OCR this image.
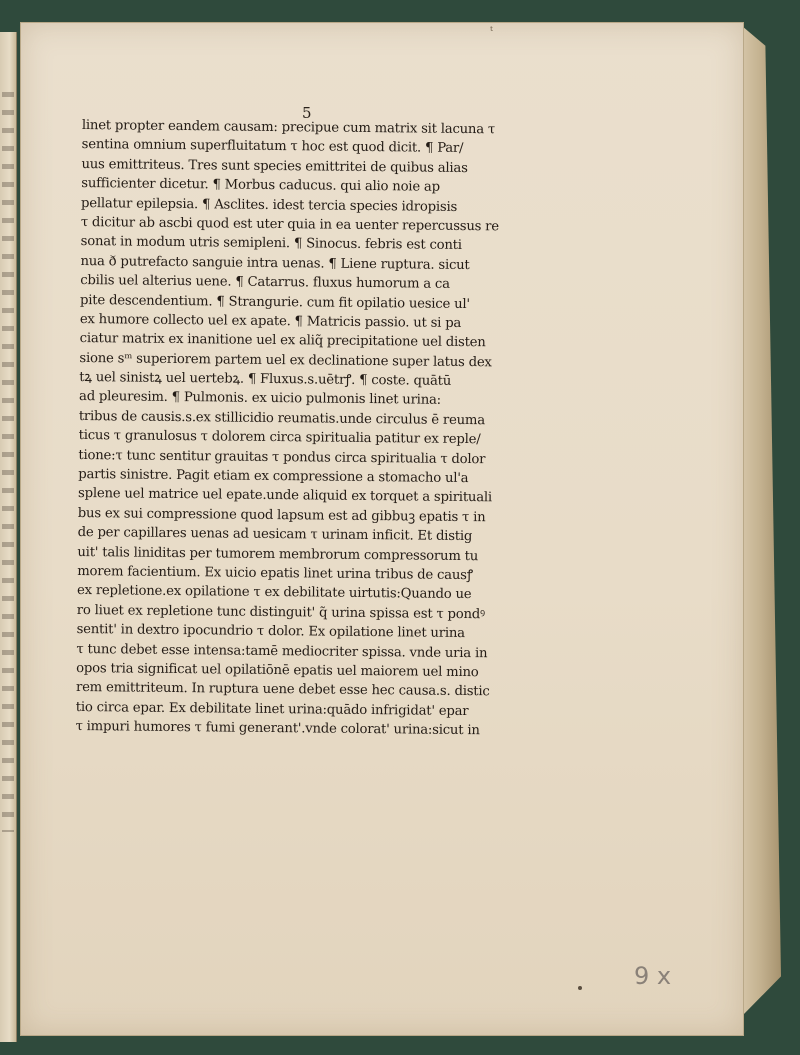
ᵗ
5
linet propter eandem causam: precipue cum matrix sit lacuna τ
sentina omnium superfluitatum τ hoc est quod dicit. ¶ Par/
uus emittriteus. Tres sunt species emittritei de quibus alias
sufficienter dicetur. ¶ Morbus caducus. qui alio noie ap
pellatur epilepsia. ¶ Asclites. idest tercia species idropisis
τ dicitur ab ascbi quod est uter quia in ea uenter repercussus re
sonat in modum utris semipleni. ¶ Sinocus. febris est conti
nua ð putrefacto sanguie intra uenas. ¶ Liene ruptura. sicut
cbilis uel alterius uene. ¶ Catarrus. fluxus humorum a ca
pite descendentium. ¶ Strangurie. cum fit opilatio uesice ul'
ex humore collecto uel ex apate. ¶ Matricis passio. ut si pa
ciatur matrix ex inanitione uel ex aliq̃ precipitatione uel disten
sione sᵐ superiorem partem uel ex declinatione super latus dex
tꝝ uel sinistꝝ uel uertebꝝ. ¶ Fluxus.s.uētrꝭ. ¶ coste. quātū
ad pleuresim. ¶ Pulmonis. ex uicio pulmonis linet urina:
tribus de causis.s.ex stillicidio reumatis.unde circulus ē reuma
ticus τ granulosus τ dolorem circa spiritualia patitur ex reple/
tione:τ tunc sentitur grauitas τ pondus circa spiritualia τ dolor
partis sinistre. Pagit etiam ex compressione a stomacho ul'a
splene uel matrice uel epate.unde aliquid ex torquet a spirituali
bus ex sui compressione quod lapsum est ad gibbuꝫ epatis τ in
de per capillares uenas ad uesicam τ urinam inficit. Et distig
uit' talis liniditas per tumorem membrorum compressorum tu
morem facientium. Ex uicio epatis linet urina tribus de causꝭ
ex repletione.ex opilatione τ ex debilitate uirtutis:Quando ue
ro liuet ex repletione tunc distinguit' q̃ urina spissa est τ pondꝰ
sentit' in dextro ipocundrio τ dolor. Ex opilatione linet urina
τ tunc debet esse intensa:tamē mediocriter spissa. vnde uria in
opos tria significat uel opilatiōnē epatis uel maiorem uel mino
rem emittriteum. In ruptura uene debet esse hec causa.s. distic
tio circa epar. Ex debilitate linet urina:quādo infrigidat' epar
τ impuri humores τ fumi generant'.vnde colorat' urina:sicut in
9 x
